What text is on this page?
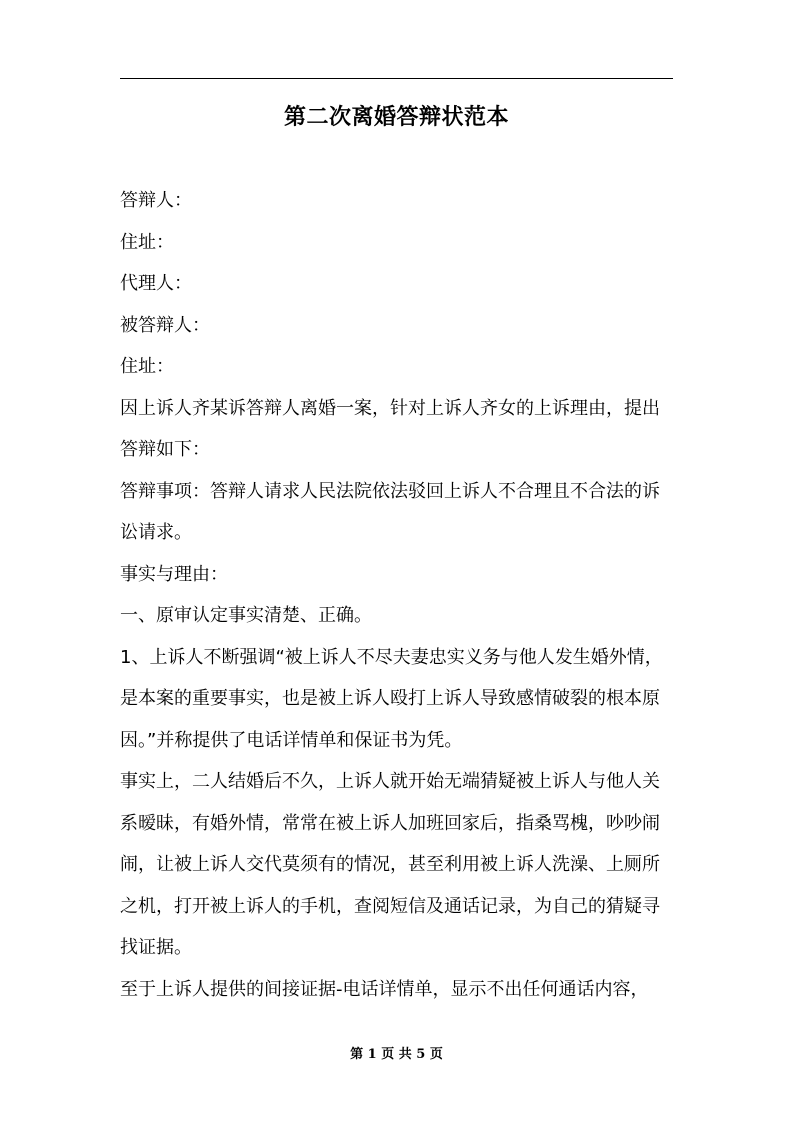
第二次离婚答辩状范本

答辩人：

住址：

代理人：

被答辩人：

住址：

因上诉人齐某诉答辩人离婚一案，针对上诉人齐女的上诉理由，提出答辩如下：

答辩事项：答辩人请求人民法院依法驳回上诉人不合理且不合法的诉讼请求。

事实与理由：

一、原审认定事实清楚、正确。

1、上诉人不断强调“被上诉人不尽夫妻忠实义务与他人发生婚外情，是本案的重要事实，也是被上诉人殴打上诉人导致感情破裂的根本原因。”并称提供了电话详情单和保证书为凭。

事实上，二人结婚后不久，上诉人就开始无端猜疑被上诉人与他人关系暧昧，有婚外情，常常在被上诉人加班回家后，指桑骂槐，吵吵闹闹，让被上诉人交代莫须有的情况，甚至利用被上诉人洗澡、上厕所之机，打开被上诉人的手机，查阅短信及通话记录，为自己的猜疑寻找证据。

至于上诉人提供的间接证据-电话详情单，显示不出任何通话内容，

第 1 页 共 5 页
